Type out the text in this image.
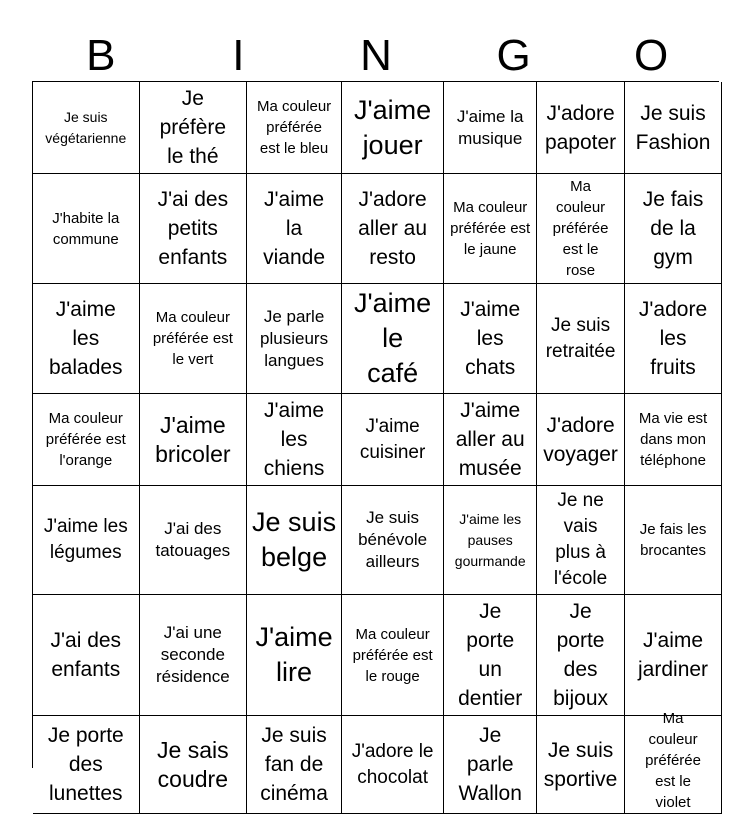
B	I	N	G	O
Je suis végétarienne
Je préfère le thé
Ma couleur préférée est le bleu
J'aime jouer
J'aime la musique
J'adore papoter
Je suis Fashion
J'habite la commune
J'ai des petits enfants
J'aime la viande
J'adore aller au resto
Ma couleur préférée est le jaune
Ma couleur préférée est le rose
Je fais de la gym
J'aime les balades
Ma couleur préférée est le vert
Je parle plusieurs langues
J'aime le café
J'aime les chats
Je suis retraitée
J'adore les fruits
Ma couleur préférée est l'orange
J'aime bricoler
J'aime les chiens
J'aime cuisiner
J'aime aller au musée
J'adore voyager
Ma vie est dans mon téléphone
J'aime les légumes
J'ai des tatouages
Je suis belge
Je suis bénévole ailleurs
J'aime les pauses gourmande
Je ne vais plus à l'école
Je fais les brocantes
J'ai des enfants
J'ai une seconde résidence
J'aime lire
Ma couleur préférée est le rouge
Je porte un dentier
Je porte des bijoux
J'aime jardiner
Je porte des lunettes
Je sais coudre
Je suis fan de cinéma
J'adore le chocolat
Je parle Wallon
Je suis sportive
Ma couleur préférée est le violet
